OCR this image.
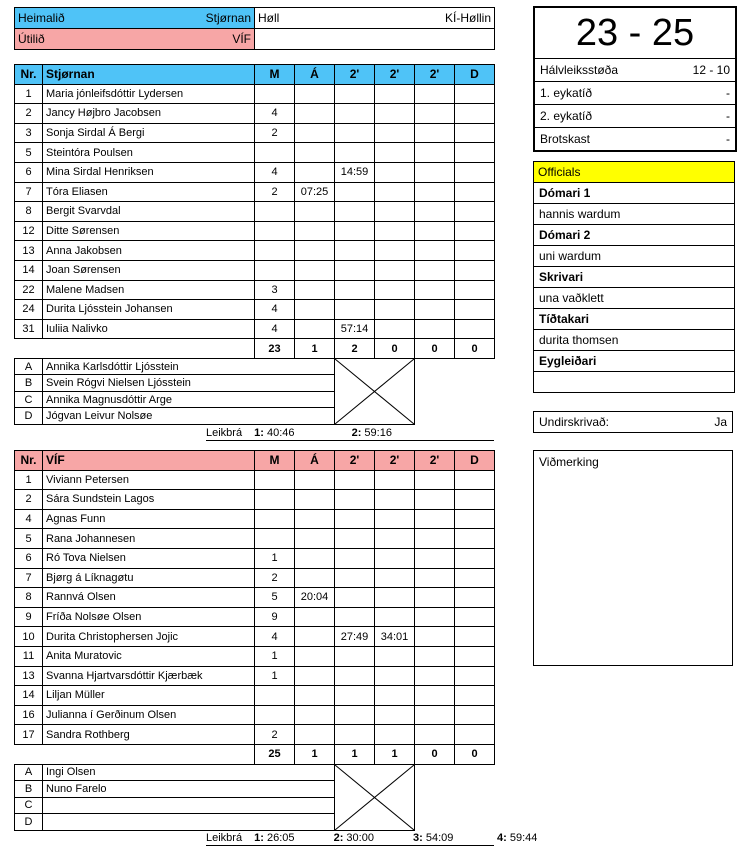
Heimalið Stjørnan	Høll KÍ-Høllin

Útilið VÍF	

Nr.	Stjørnan	M	Á	2'	2'	2'	D
1	Maria jónleifsdóttir Lydersen						
2	Jancy Højbro Jacobsen	4					
3	Sonja Sirdal Á Bergi	2					
5	Steintóra Poulsen						
6	Mina Sirdal Henriksen	4		14:59			
7	Tóra Eliasen	2	07:25				
8	Bergit Svarvdal						
12	Ditte Sørensen						
13	Anna Jakobsen						
14	Joan Sørensen						
22	Malene Madsen	3					
24	Durita Ljósstein Johansen	4					
31	Iuliia Nalivko	4		57:14			
		23	1	2	0	0	0
A	Annika Karlsdóttir Ljósstein	

B	Svein Rógvi Nielsen Ljósstein						
C	Annika Magnusdóttir Arge						
D	Jógvan Leivur Nolsøe						
Leikbrá 1: 40:46	2: 59:16
Nr.	VÍF	M	Á	2'	2'	2'	D
1	Viviann Petersen						
2	Sára Sundstein Lagos						
4	Agnas Funn						
5	Rana Johannesen						
6	Ró Tova Nielsen	1					
7	Bjørg á Líknagøtu	2					
8	Rannvá Olsen	5	20:04				
9	Fríða Nolsøe Olsen	9					
10	Durita Christophersen Jojic	4		27:49	34:01		
11	Anita Muratovic	1					
13	Svanna Hjartvarsdóttir Kjærbæk	1					
14	Liljan Müller						
16	Julianna í Gerðinum Olsen						
17	Sandra Rothberg	2					
		25	1	1	1	0	0
A	Ingi Olsen	

B	Nuno Farelo						
C							
D							
Leikbrá 1: 26:05	2: 30:00	3: 54:09	4: 59:44
23 - 25
Hálvleiksstøða	12 - 10
1. eykatíð	-
2. eykatíð	-
Brotskast	-
Officials
Dómari 1
hannis wardum
Dómari 2
uni wardum
Skrivari
una vaðklett
Tíðtakari
durita thomsen
Eygleiðari
Undirskrivað:	Ja
Viðmerking
